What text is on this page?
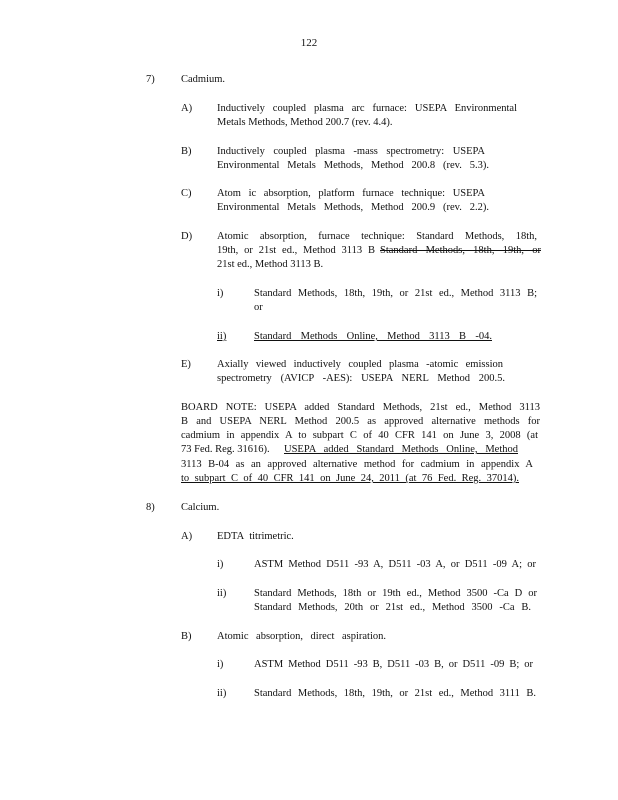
122
7)	Cadmium.
A) Inductively coupled plasma arc furnace: USEPA Environmental
Metals Methods, Method 200.7 (rev. 4.4).
B) Inductively coupled plasma -mass spectrometry: USEPA
Environmental Metals Methods, Method 200.8 (rev. 5.3).
C) Atom ic absorption, platform furnace technique: USEPA
Environmental Metals Methods, Method 200.9 (rev. 2.2).
D) Atomic absorption, furnace technique: Standard Methods, 18th,
19th, or 21st ed., Method 3113 B Standard Methods, 18th, 19th, or
21st ed., Method 3113 B.
i)	Standard Methods, 18th, 19th, or 21st ed., Method 3113 B;
or
ii)	Standard Methods Online, Method 3113 B -04.
E) Axially viewed inductively coupled plasma -atomic emission
spectrometry (AVICP -AES): USEPA NERL Method 200.5.
BOARD NOTE: USEPA added Standard Methods, 21st ed., Method 3113
B and USEPA NERL Method 200.5 as approved alternative methods for
cadmium in appendix A to subpart C of 40 CFR 141 on June 3, 2008 (at
73 Fed. Reg. 31616). USEPA added Standard Methods Online, Method
3113 B-04 as an approved alternative method for cadmium in appendix A
to subpart C of 40 CFR 141 on June 24, 2011 (at 76 Fed. Reg. 37014).
8)	Calcium.
A) EDTA titrimetric.
i)	ASTM Method D511 -93 A, D511 -03 A, or D511 -09 A; or
ii)	Standard Methods, 18th or 19th ed., Method 3500 -Ca D or
Standard Methods, 20th or 21st ed., Method 3500 -Ca B.
B) Atomic absorption, direct aspiration.
i)	ASTM Method D511 -93 B, D511 -03 B, or D511 -09 B; or
ii)	Standard Methods, 18th, 19th, or 21st ed., Method 3111 B.
